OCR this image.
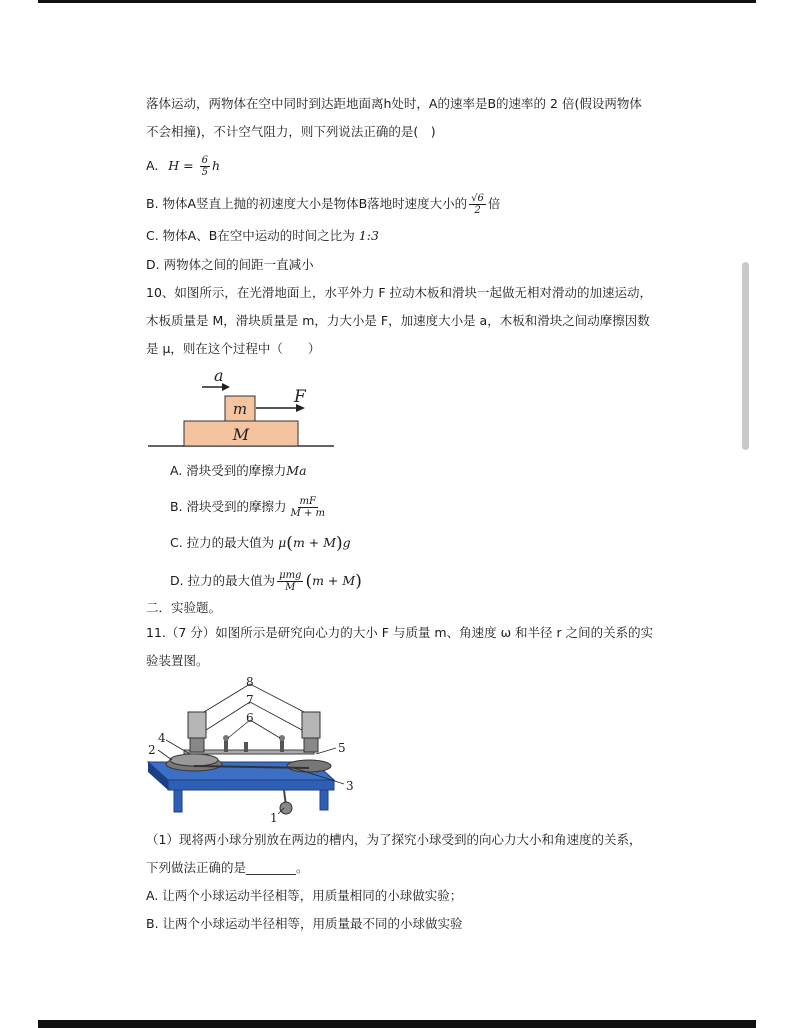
落体运动，两物体在空中同时到达距地面离h处时，A的速率是B的速率的 2 倍(假设两物体
不会相撞)，不计空气阻力，则下列说法正确的是(　)
A. $H = \frac{6}{5}$ h
B. 物体A竖直上抛的初速度大小是物体B落地时速度大小的 $\frac{√6}{2}$ 倍
C. 物体A、B在空中运动的时间之比为 1:3
D. 两物体之间的间距一直减小
10、如图所示，在光滑地面上，水平外力 F 拉动木板和滑块一起做无相对滑动的加速运动，
木板质量是 M，滑块质量是 m，力大小是 F，加速度大小是 a，木板和滑块之间动摩擦因数
是 μ，则在这个过程中（　　）
m
M
F
a
A. 滑块受到的摩擦力Ma
B. 滑块受到的摩擦力 $\frac{mF}{M + m}$
C. 拉力的最大值为 μ(m + M)g
D. 拉力的最大值为 $\frac{\text{μmg}}{M} (m + M)$
二．实验题。
11.（7 分）如图所示是研究向心力的大小 F 与质量 m、角速度 ω 和半径 r 之间的关系的实
验装置图。
8
7
6
4
2	5
3
1
（1）现将两小球分别放在两边的槽内，为了探究小球受到的向心力大小和角速度的关系，
下列做法正确的是________。
A. 让两个小球运动半径相等，用质量相同的小球做实验；
B. 让两个小球运动半径相等，用质量最不同的小球做实验
